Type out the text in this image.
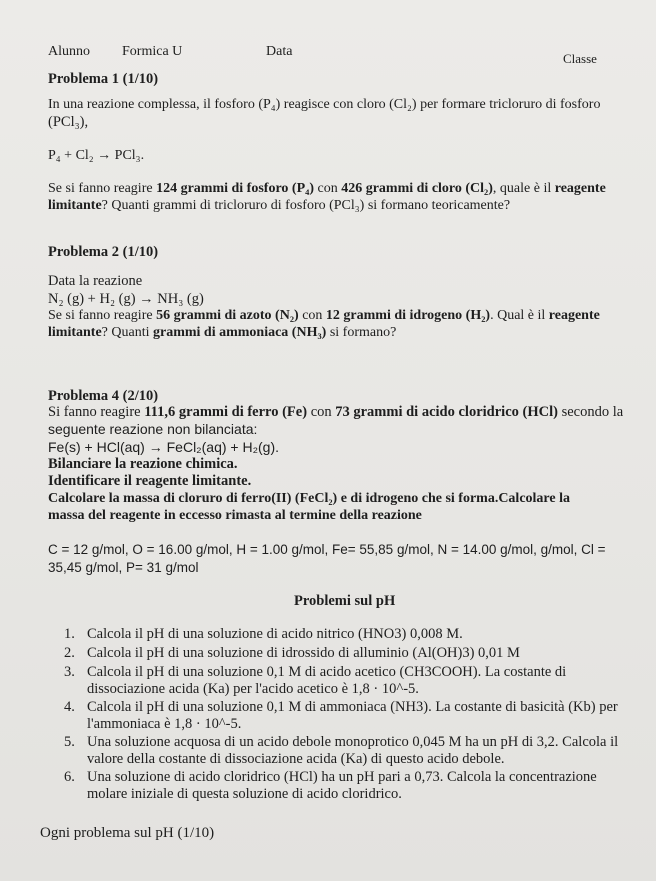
Alunno Formica U	Data	Classe
Problema 1 (1/10)
In una reazione complessa, il fosforo (P₄) reagisce con cloro (Cl₂) per formare tricloruro di fosforo
(PCl₃),
P₄ + Cl₂ → PCl₃.
Se si fanno reagire 124 grammi di fosforo (P₄) con 426 grammi di cloro (Cl₂), quale è il reagente
limitante? Quanti grammi di tricloruro di fosforo (PCl₃) si formano teoricamente?
Problema 2 (1/10)
Data la reazione
N₂ (g) + H₂ (g) → NH₃ (g)
Se si fanno reagire 56 grammi di azoto (N₂) con 12 grammi di idrogeno (H₂). Qual è il reagente
limitante? Quanti grammi di ammoniaca (NH₃) si formano?
Problema 4 (2/10)
Si fanno reagire 111,6 grammi di ferro (Fe) con 73 grammi di acido cloridrico (HCl) secondo la
seguente reazione non bilanciata:
Fe(s) + HCl(aq) → FeCl₂(aq) + H₂(g).
Bilanciare la reazione chimica.
Identificare il reagente limitante.
Calcolare la massa di cloruro di ferro(II) (FeCl₂) e di idrogeno che si forma.Calcolare la
massa del reagente in eccesso rimasta al termine della reazione
C = 12 g/mol, O = 16.00 g/mol, H = 1.00 g/mol, Fe= 55,85 g/mol, N = 14.00 g/mol, g/mol, Cl =
35,45 g/mol, P= 31 g/mol
Problemi sul pH
1. Calcola il pH di una soluzione di acido nitrico (HNO3) 0,008 M.
2. Calcola il pH di una soluzione di idrossido di alluminio (Al(OH)3) 0,01 M
3. Calcola il pH di una soluzione 0,1 M di acido acetico (CH3COOH). La costante di
dissociazione acida (Ka) per l'acido acetico è 1,8 · 10^-5.
4. Calcola il pH di una soluzione 0,1 M di ammoniaca (NH3). La costante di basicità (Kb) per
l'ammoniaca è 1,8 · 10^-5.
5. Una soluzione acquosa di un acido debole monoprotico 0,045 M ha un pH di 3,2. Calcola il
valore della costante di dissociazione acida (Ka) di questo acido debole.
6. Una soluzione di acido cloridrico (HCl) ha un pH pari a 0,73. Calcola la concentrazione
molare iniziale di questa soluzione di acido cloridrico.
Ogni problema sul pH (1/10)
